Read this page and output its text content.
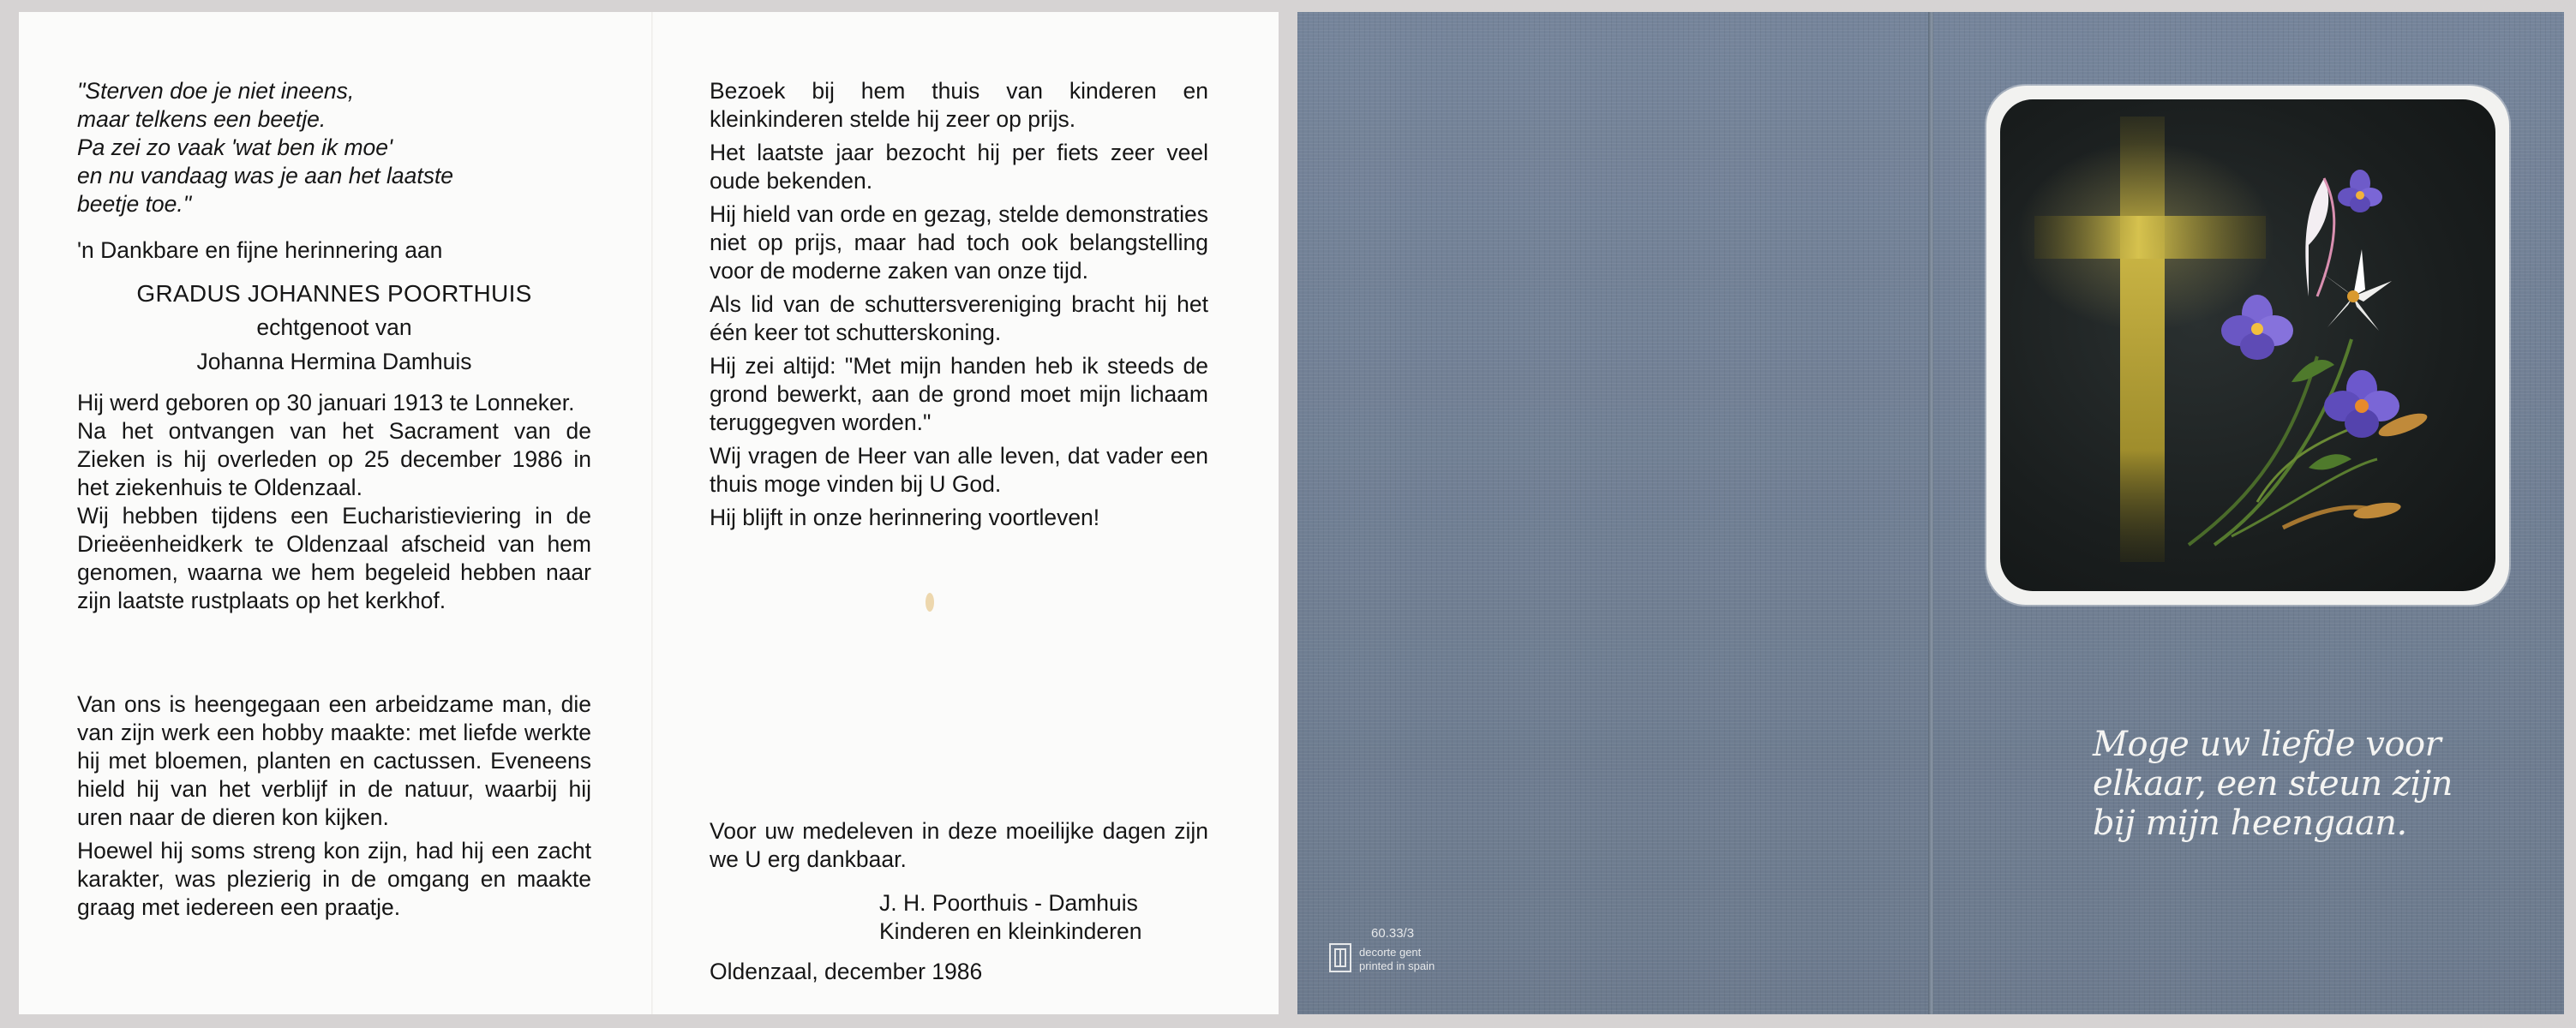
"Sterven doe je niet ineens,

maar telkens een beetje.

Pa zei zo vaak 'wat ben ik moe'

en nu vandaag was je aan het laatste

beetje toe."

'n Dankbare en fijne herinnering aan
GRADUS JOHANNES POORTHUIS
echtgenoot van
Johanna Hermina Damhuis

Hij werd geboren op 30 januari 1913 te Lonneker.

Na het ontvangen van het Sacrament van de Zieken is hij overleden op 25 december 1986 in het ziekenhuis te Oldenzaal.

Wij hebben tijdens een Eucharistieviering in de Drieëenheidkerk te Oldenzaal afscheid van hem genomen, waarna we hem begeleid hebben naar zijn laatste rustplaats op het kerkhof.

Van ons is heengegaan een arbeidzame man, die van zijn werk een hobby maakte: met liefde werkte hij met bloemen, planten en cactussen. Eveneens hield hij van het verblijf in de natuur, waarbij hij uren naar de dieren kon kijken.

Hoewel hij soms streng kon zijn, had hij een zacht karakter, was plezierig in de omgang en maakte graag met iedereen een praatje.

Bezoek bij hem thuis van kinderen en kleinkinderen stelde hij zeer op prijs.

Het laatste jaar bezocht hij per fiets zeer veel oude bekenden.

Hij hield van orde en gezag, stelde demonstraties niet op prijs, maar had toch ook belangstelling voor de moderne zaken van onze tijd.

Als lid van de schuttersvereniging bracht hij het één keer tot schutterskoning.

Hij zei altijd: "Met mijn handen heb ik steeds de grond bewerkt, aan de grond moet mijn lichaam teruggegven worden."

Wij vragen de Heer van alle leven, dat vader een thuis moge vinden bij U God.

Hij blijft in onze herinnering voortleven!

Voor uw medeleven in deze moeilijke dagen zijn we U erg dankbaar.
J. H. Poorthuis - Damhuis
Kinderen en kleinkinderen
Oldenzaal, december 1986
60.33/3
decorte gent
printed in spain
Moge uw liefde voor
elkaar, een steun zijn
bij mijn heengaan.
